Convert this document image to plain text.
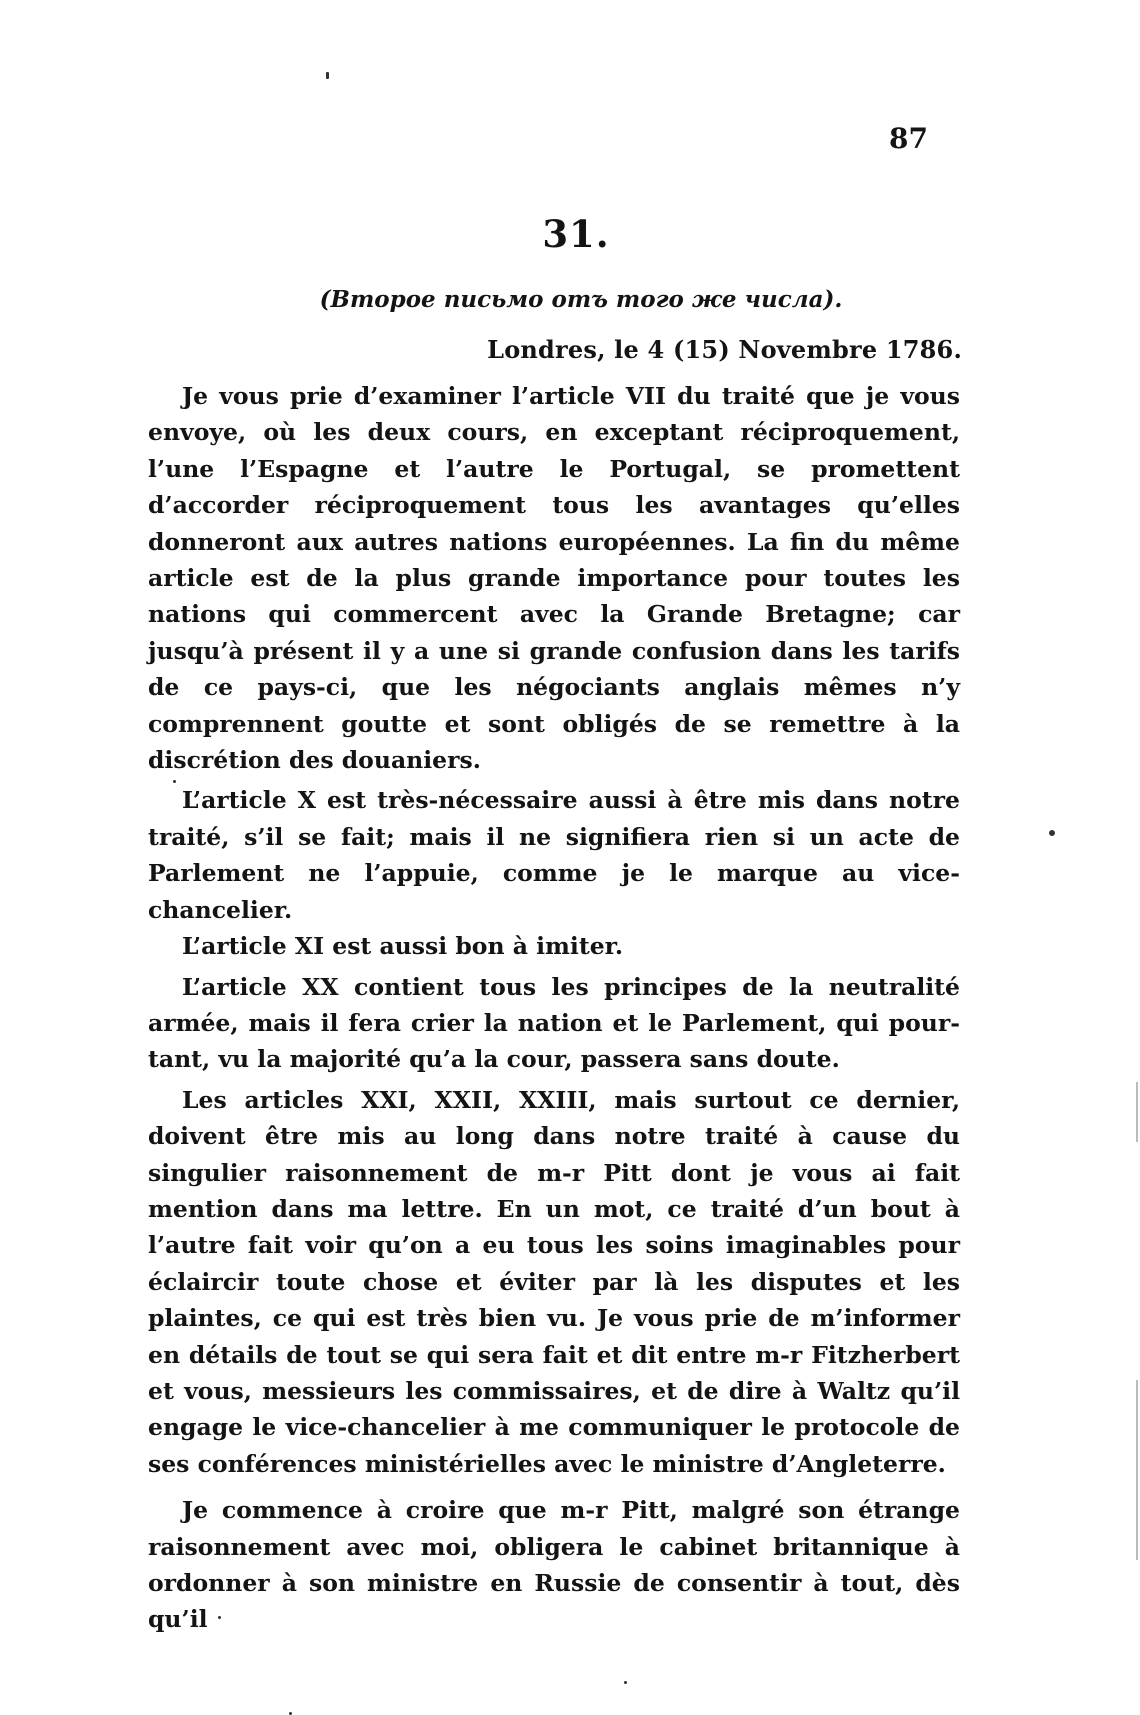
87
31.
(Второе письмо отъ того же числа).
Londres, le 4 (15) Novembre 1786.

Je vous prie d’examiner l’article VII du traité que je vous envoye, où les deux cours, en exceptant réciproquement, l’une l’Espagne et l’autre le Portugal, se promettent d’accorder réciproquement tous les avantages qu’elles donneront aux autres nations européennes. La fin du même article est de la plus grande importance pour toutes les nations qui commercent avec la Grande Bretagne; car jusqu’à présent il y a une si grande confusion dans les tarifs de ce pays-ci, que les négociants anglais mêmes n’y comprennent goutte et sont obligés de se remettre à la discrétion des douaniers.

L’article X est très-nécessaire aussi à être mis dans notre traité, s’il se fait; mais il ne signifiera rien si un acte de Parlement ne l’appuie, comme je le marque au vice-chancelier.

L’article XI est aussi bon à imiter.

L’article XX contient tous les principes de la neutralité armée, mais il fera crier la nation et le Parlement, qui pourtant, vu la majorité qu’a la cour, passera sans doute.

Les articles XXI, XXII, XXIII, mais surtout ce dernier, doivent être mis au long dans notre traité à cause du singulier raisonnement de m-r Pitt dont je vous ai fait mention dans ma lettre. En un mot, ce traité d’un bout à l’autre fait voir qu’on a eu tous les soins imaginables pour éclaircir toute chose et éviter par là les disputes et les plaintes, ce qui est très bien vu. Je vous prie de m’informer en détails de tout se qui sera fait et dit entre m-r Fitzherbert et vous, messieurs les commissaires, et de dire à Waltz qu’il engage le vice-chancelier à me communiquer le protocole de ses conférences ministérielles avec le ministre d’Angleterre.

Je commence à croire que m-r Pitt, malgré son étrange raisonnement avec moi, obligera le cabinet britannique à ordonner à son ministre en Russie de consentir à tout, dès qu’il
